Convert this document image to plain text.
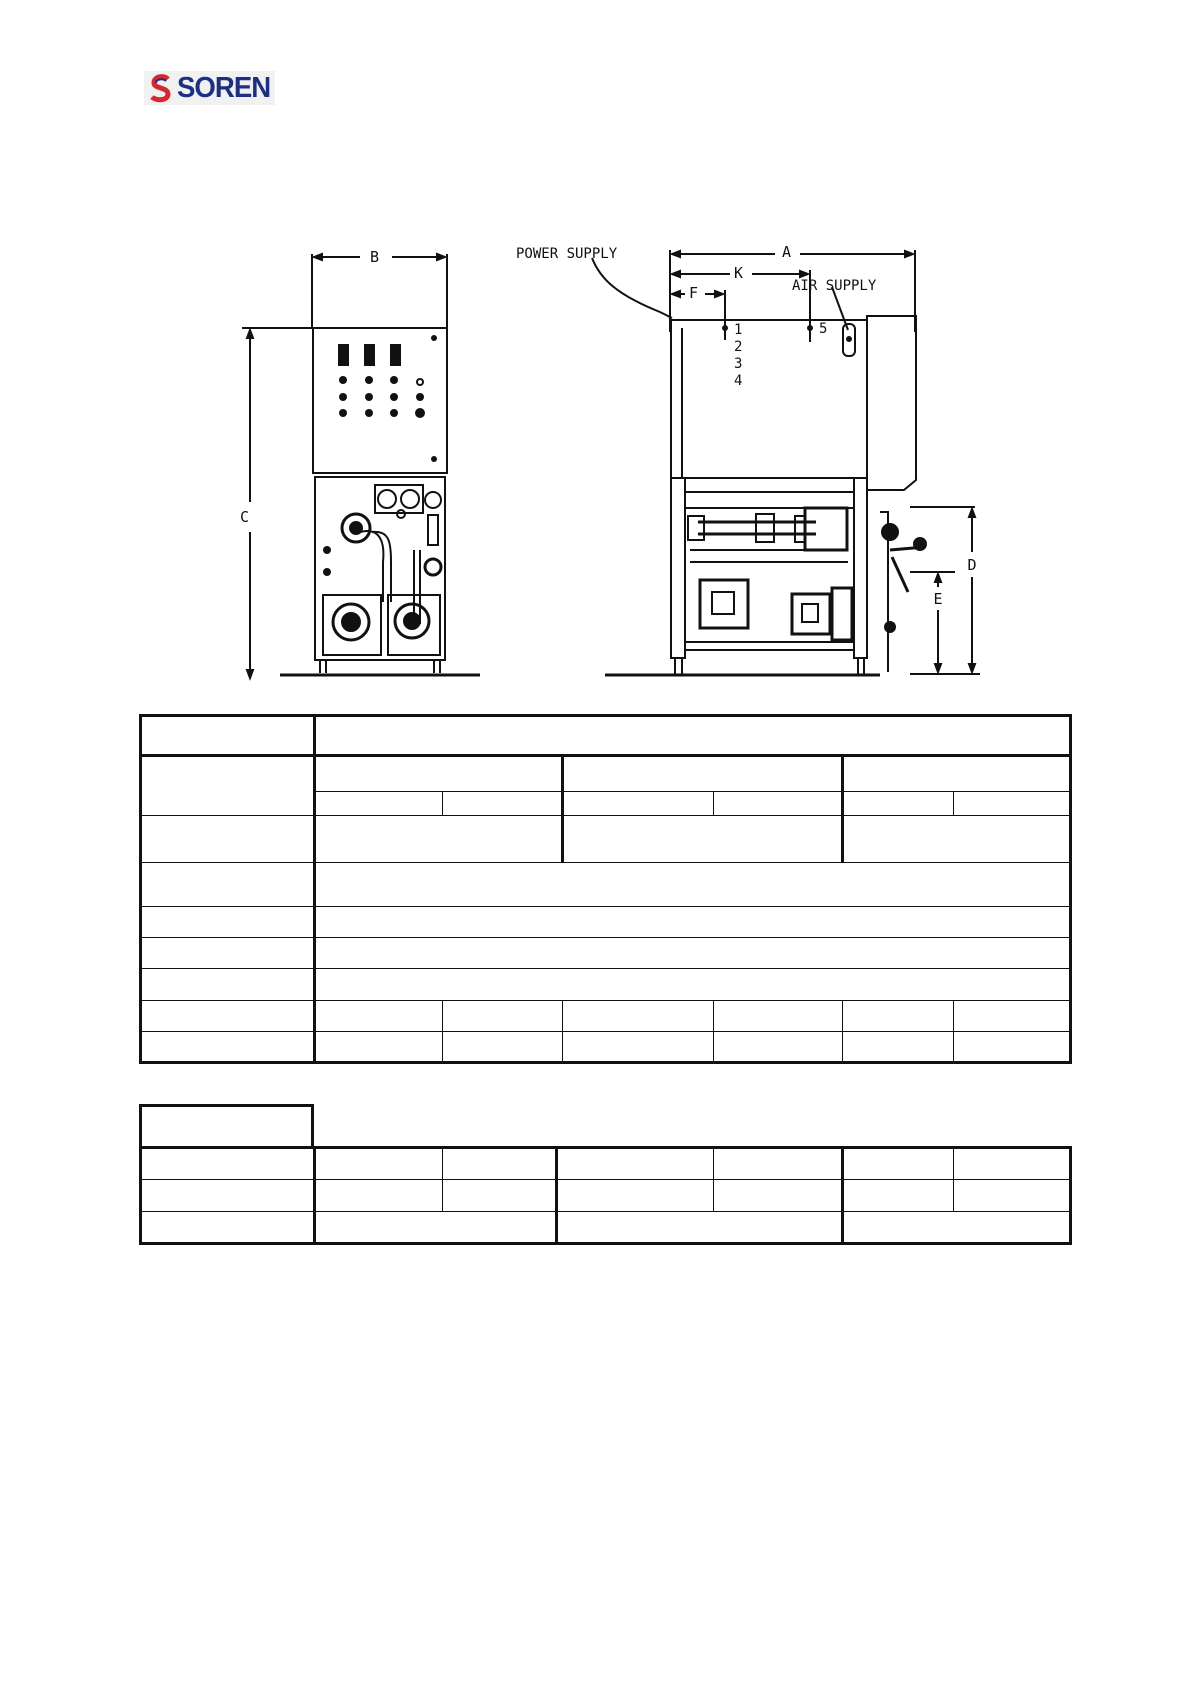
SOREN
B
C
POWER SUPPLY
AIR SUPPLY
A
K
F
D
E
1
2
3
4
5
